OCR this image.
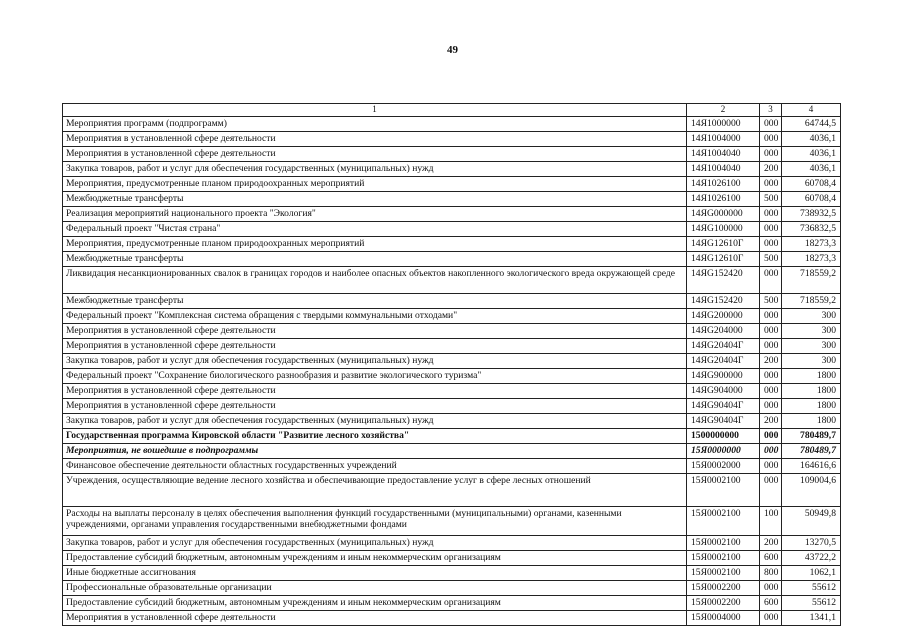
49
1	2	3	4
Мероприятия программ (подпрограмм)	14Я1000000	000	64744,5
Мероприятия в установленной сфере деятельности	14Я1004000	000	4036,1
Мероприятия в установленной сфере деятельности	14Я1004040	000	4036,1
Закупка товаров, работ и услуг для обеспечения государственных (муниципальных) нужд	14Я1004040	200	4036,1
Мероприятия, предусмотренные планом природоохранных мероприятий	14Я1026100	000	60708,4
Межбюджетные трансферты	14Я1026100	500	60708,4
Реализация мероприятий национального проекта "Экология"	14ЯG000000	000	738932,5
Федеральный проект "Чистая страна"	14ЯG100000	000	736832,5
Мероприятия, предусмотренные планом природоохранных мероприятий	14ЯG12610Г	000	18273,3
Межбюджетные трансферты	14ЯG12610Г	500	18273,3
Ликвидация несанкционированных свалок в границах городов и наиболее опасных объектов накопленного экологического вреда окружающей среде	14ЯG152420	000	718559,2
Межбюджетные трансферты	14ЯG152420	500	718559,2
Федеральный проект "Комплексная система обращения с твердыми коммунальными отходами"	14ЯG200000	000	300
Мероприятия в установленной сфере деятельности	14ЯG204000	000	300
Мероприятия в установленной сфере деятельности	14ЯG20404Г	000	300
Закупка товаров, работ и услуг для обеспечения государственных (муниципальных) нужд	14ЯG20404Г	200	300
Федеральный проект "Сохранение биологического разнообразия и развитие экологического туризма"	14ЯG900000	000	1800
Мероприятия в установленной сфере деятельности	14ЯG904000	000	1800
Мероприятия в установленной сфере деятельности	14ЯG90404Г	000	1800
Закупка товаров, работ и услуг для обеспечения государственных (муниципальных) нужд	14ЯG90404Г	200	1800
Государственная программа Кировской области "Развитие лесного хозяйства"	1500000000	000	780489,7
Мероприятия, не вошедшие в подпрограммы	15Я0000000	000	780489,7
Финансовое обеспечение деятельности областных государственных учреждений	15Я0002000	000	164616,6
Учреждения, осуществляющие ведение лесного хозяйства и обеспечивающие предоставление услуг в сфере лесных отношений	15Я0002100	000	109004,6
Расходы на выплаты персоналу в целях обеспечения выполнения функций государственными (муниципальными) органами, казенными учреждениями, органами управления государственными внебюджетными фондами	15Я0002100	100	50949,8
Закупка товаров, работ и услуг для обеспечения государственных (муниципальных) нужд	15Я0002100	200	13270,5
Предоставление субсидий бюджетным, автономным учреждениям и иным некоммерческим организациям	15Я0002100	600	43722,2
Иные бюджетные ассигнования	15Я0002100	800	1062,1
Профессиональные образовательные организации	15Я0002200	000	55612
Предоставление субсидий бюджетным, автономным учреждениям и иным некоммерческим организациям	15Я0002200	600	55612
Мероприятия в установленной сфере деятельности	15Я0004000	000	1341,1
